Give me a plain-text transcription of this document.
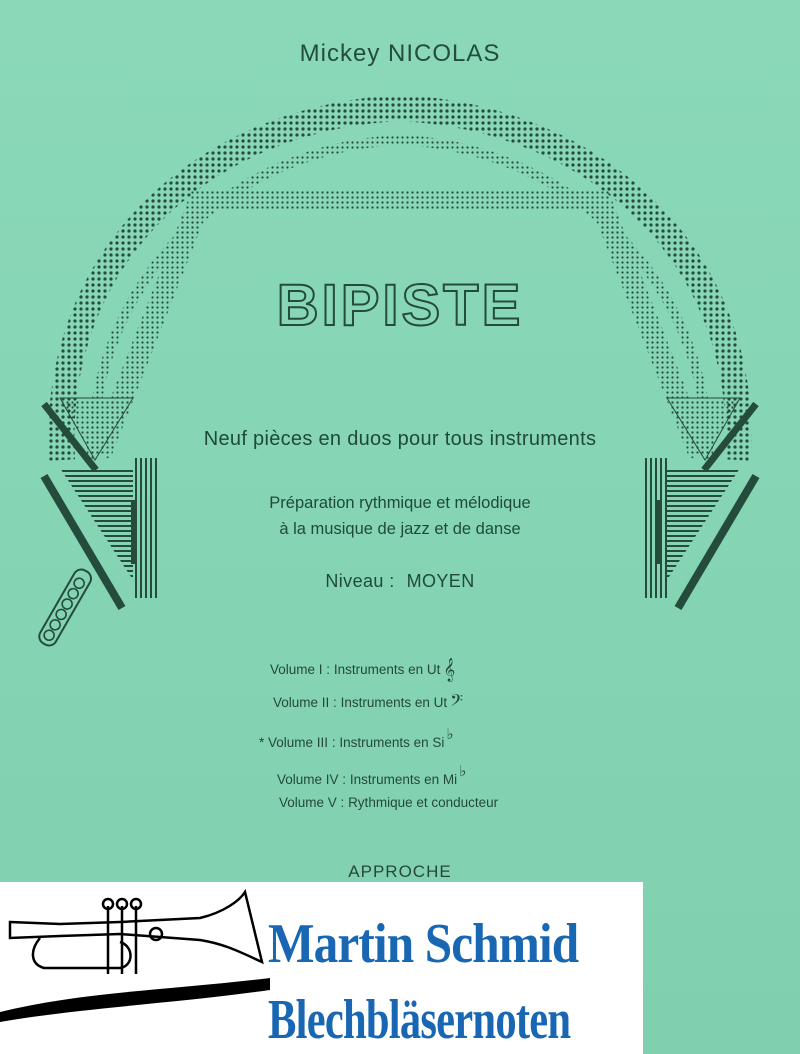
Mickey NICOLAS
BIPISTE
Neuf pièces en duos pour tous instruments
Préparation rythmique et mélodique
à la musique de jazz et de danse
Niveau : MOYEN
Volume I : Instruments en Ut 𝄞
Volume II : Instruments en Ut 𝄢
* Volume III : Instruments en Si ♭
Volume IV : Instruments en Mi ♭
Volume V : Rythmique et conducteur
APPROCHE
Martin Schmid
Blechbläsernoten
